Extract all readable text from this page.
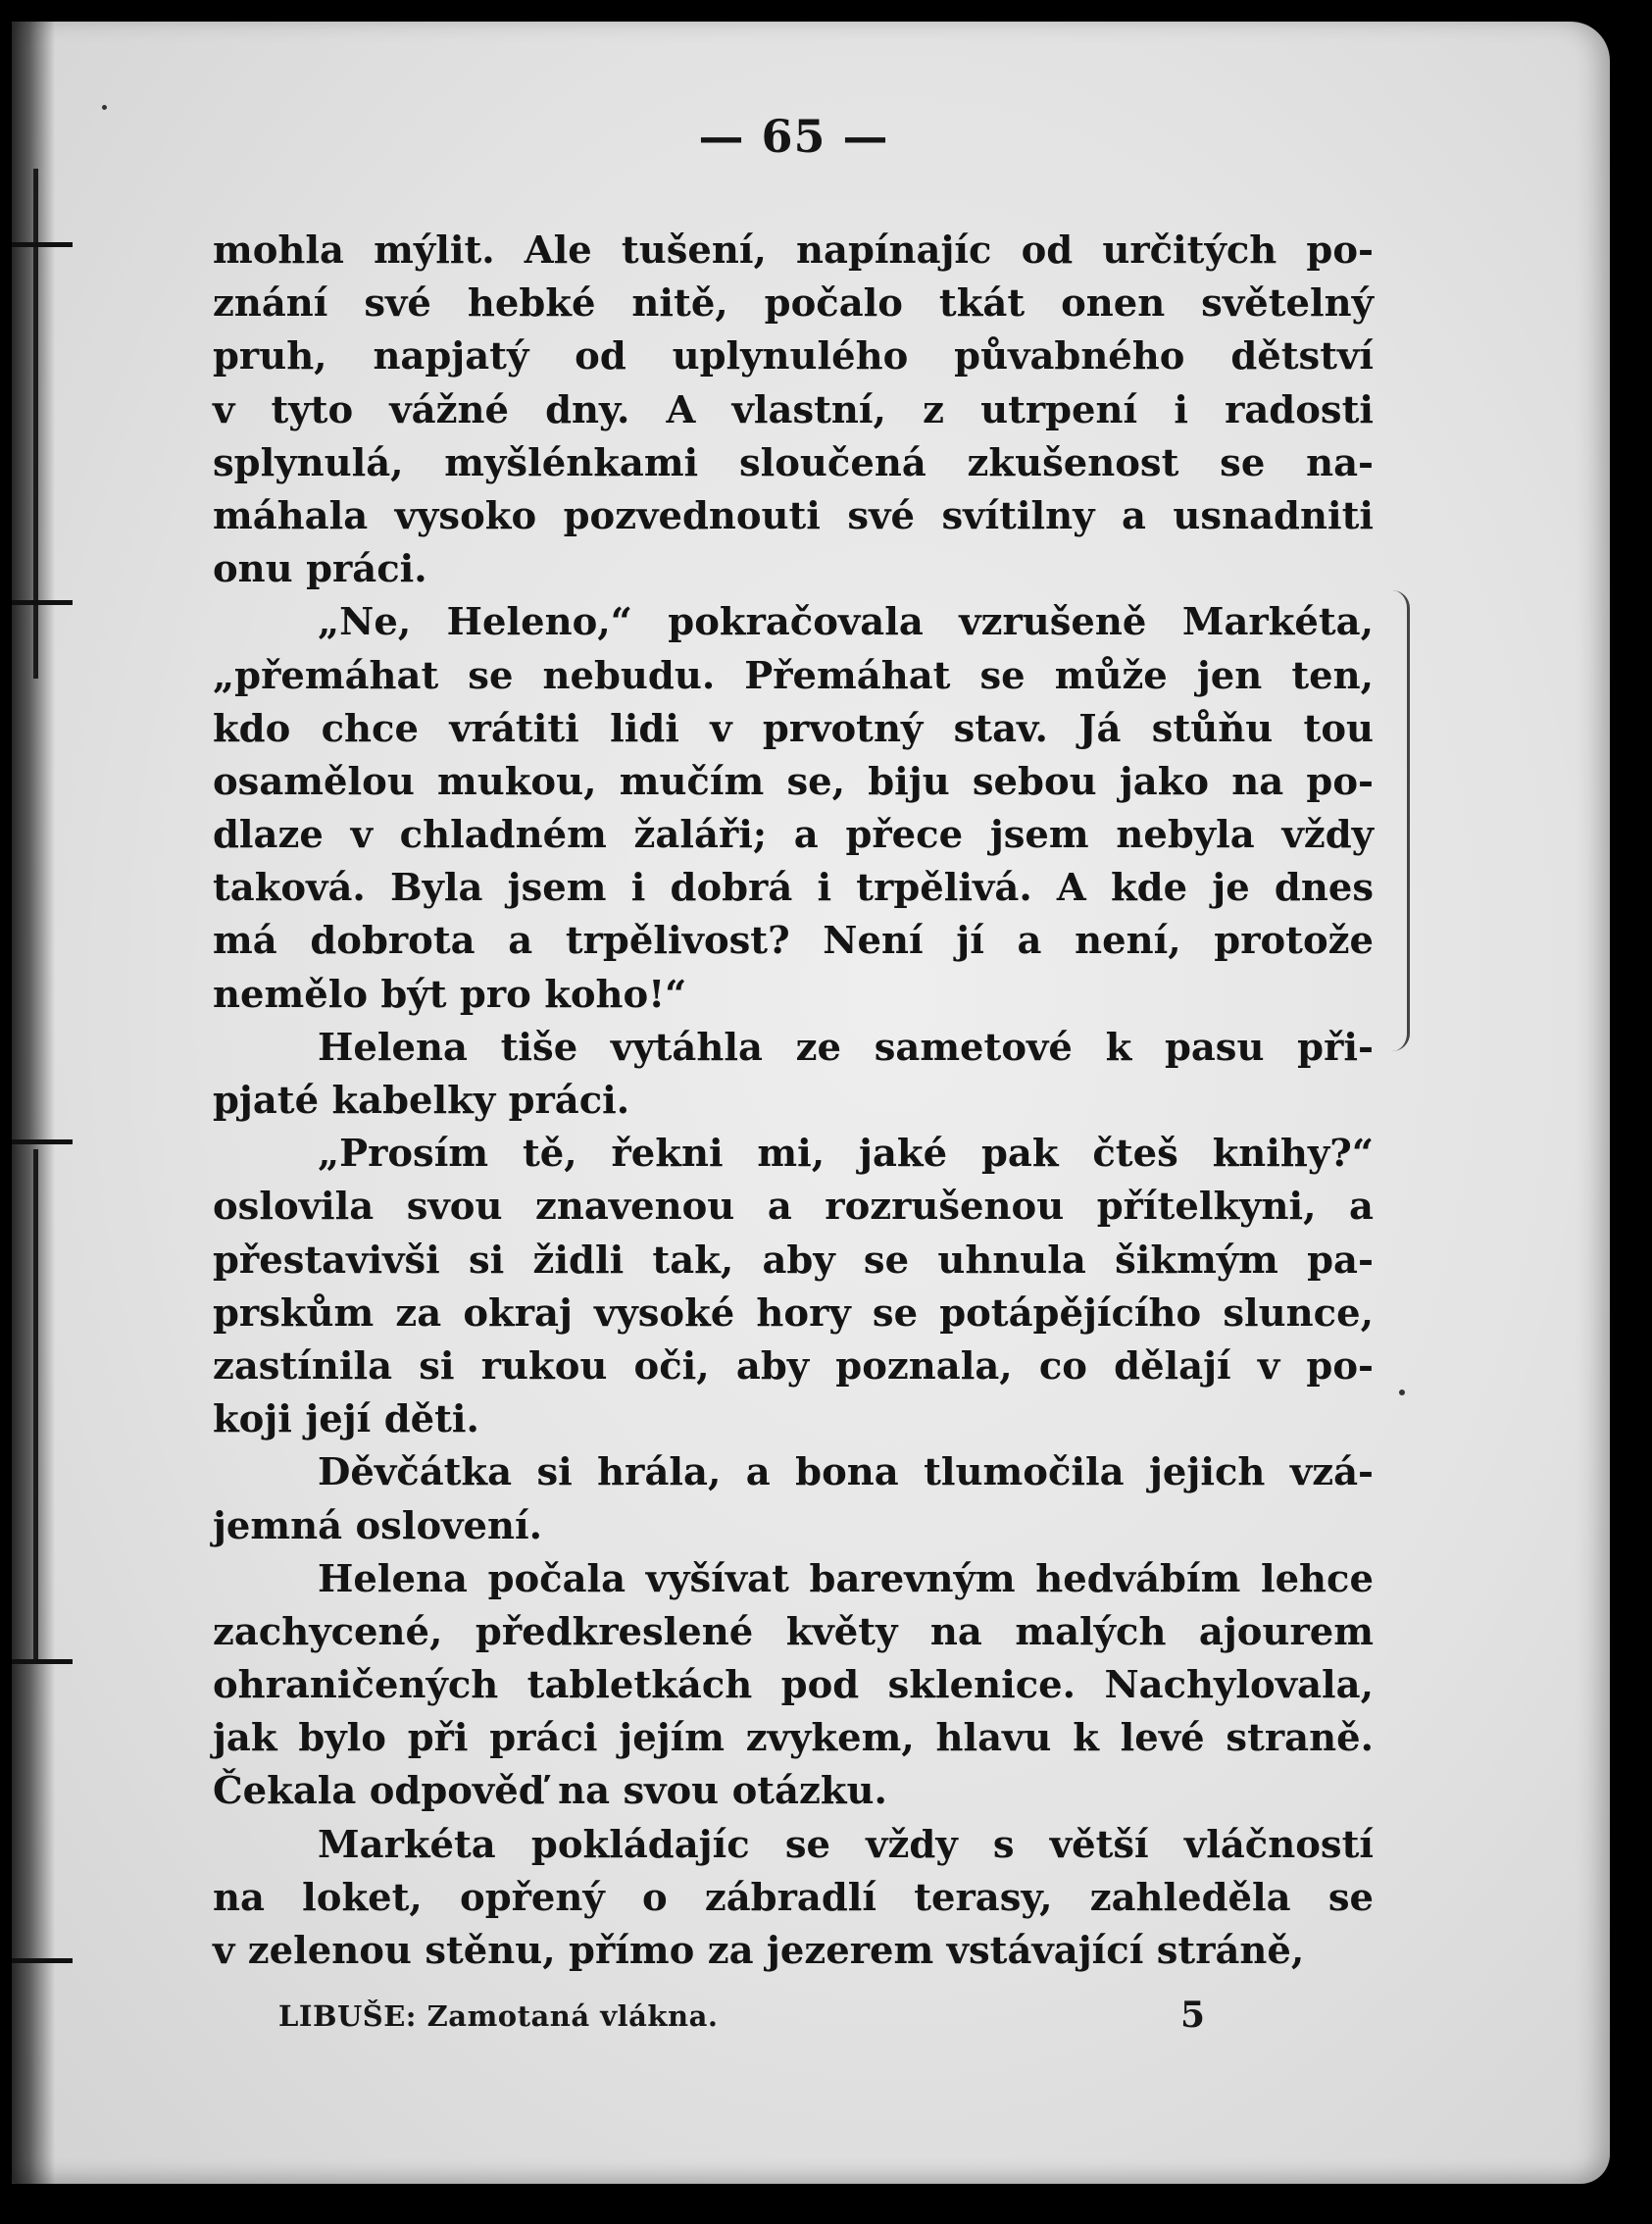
— 65 —
mohla mýlit. Ale tušení, napínajíc od určitých po-
znání své hebké nitě, počalo tkát onen světelný
pruh, napjatý od uplynulého půvabného dětství
v tyto vážné dny. A vlastní, z utrpení i radosti
splynulá, myšlénkami sloučená zkušenost se na-
máhala vysoko pozvednouti své svítilny a usnadniti
onu práci.
„Ne, Heleno,“ pokračovala vzrušeně Markéta,
„přemáhat se nebudu. Přemáhat se může jen ten,
kdo chce vrátiti lidi v prvotný stav. Já stůňu tou
osamělou mukou, mučím se, biju sebou jako na po-
dlaze v chladném žaláři; a přece jsem nebyla vždy
taková. Byla jsem i dobrá i trpělivá. A kde je dnes
má dobrota a trpělivost? Není jí a není, protože
nemělo být pro koho!“
Helena tiše vytáhla ze sametové k pasu při-
pjaté kabelky práci.
„Prosím tě, řekni mi, jaké pak čteš knihy?“
oslovila svou znavenou a rozrušenou přítelkyni, a
přestavivši si židli tak, aby se uhnula šikmým pa-
prskům za okraj vysoké hory se potápějícího slunce,
zastínila si rukou oči, aby poznala, co dělají v po-
koji její děti.
Děvčátka si hrála, a bona tlumočila jejich vzá-
jemná oslovení.
Helena počala vyšívat barevným hedvábím lehce
zachycené, předkreslené květy na malých ajourem
ohraničených tabletkách pod sklenice. Nachylovala,
jak bylo při práci jejím zvykem, hlavu k levé straně.
Čekala odpověď na svou otázku.
Markéta pokládajíc se vždy s větší vláčností
na loket, opřený o zábradlí terasy, zahleděla se
v zelenou stěnu, přímo za jezerem vstávající stráně,
LIBUŠE: Zamotaná vlákna.	5
